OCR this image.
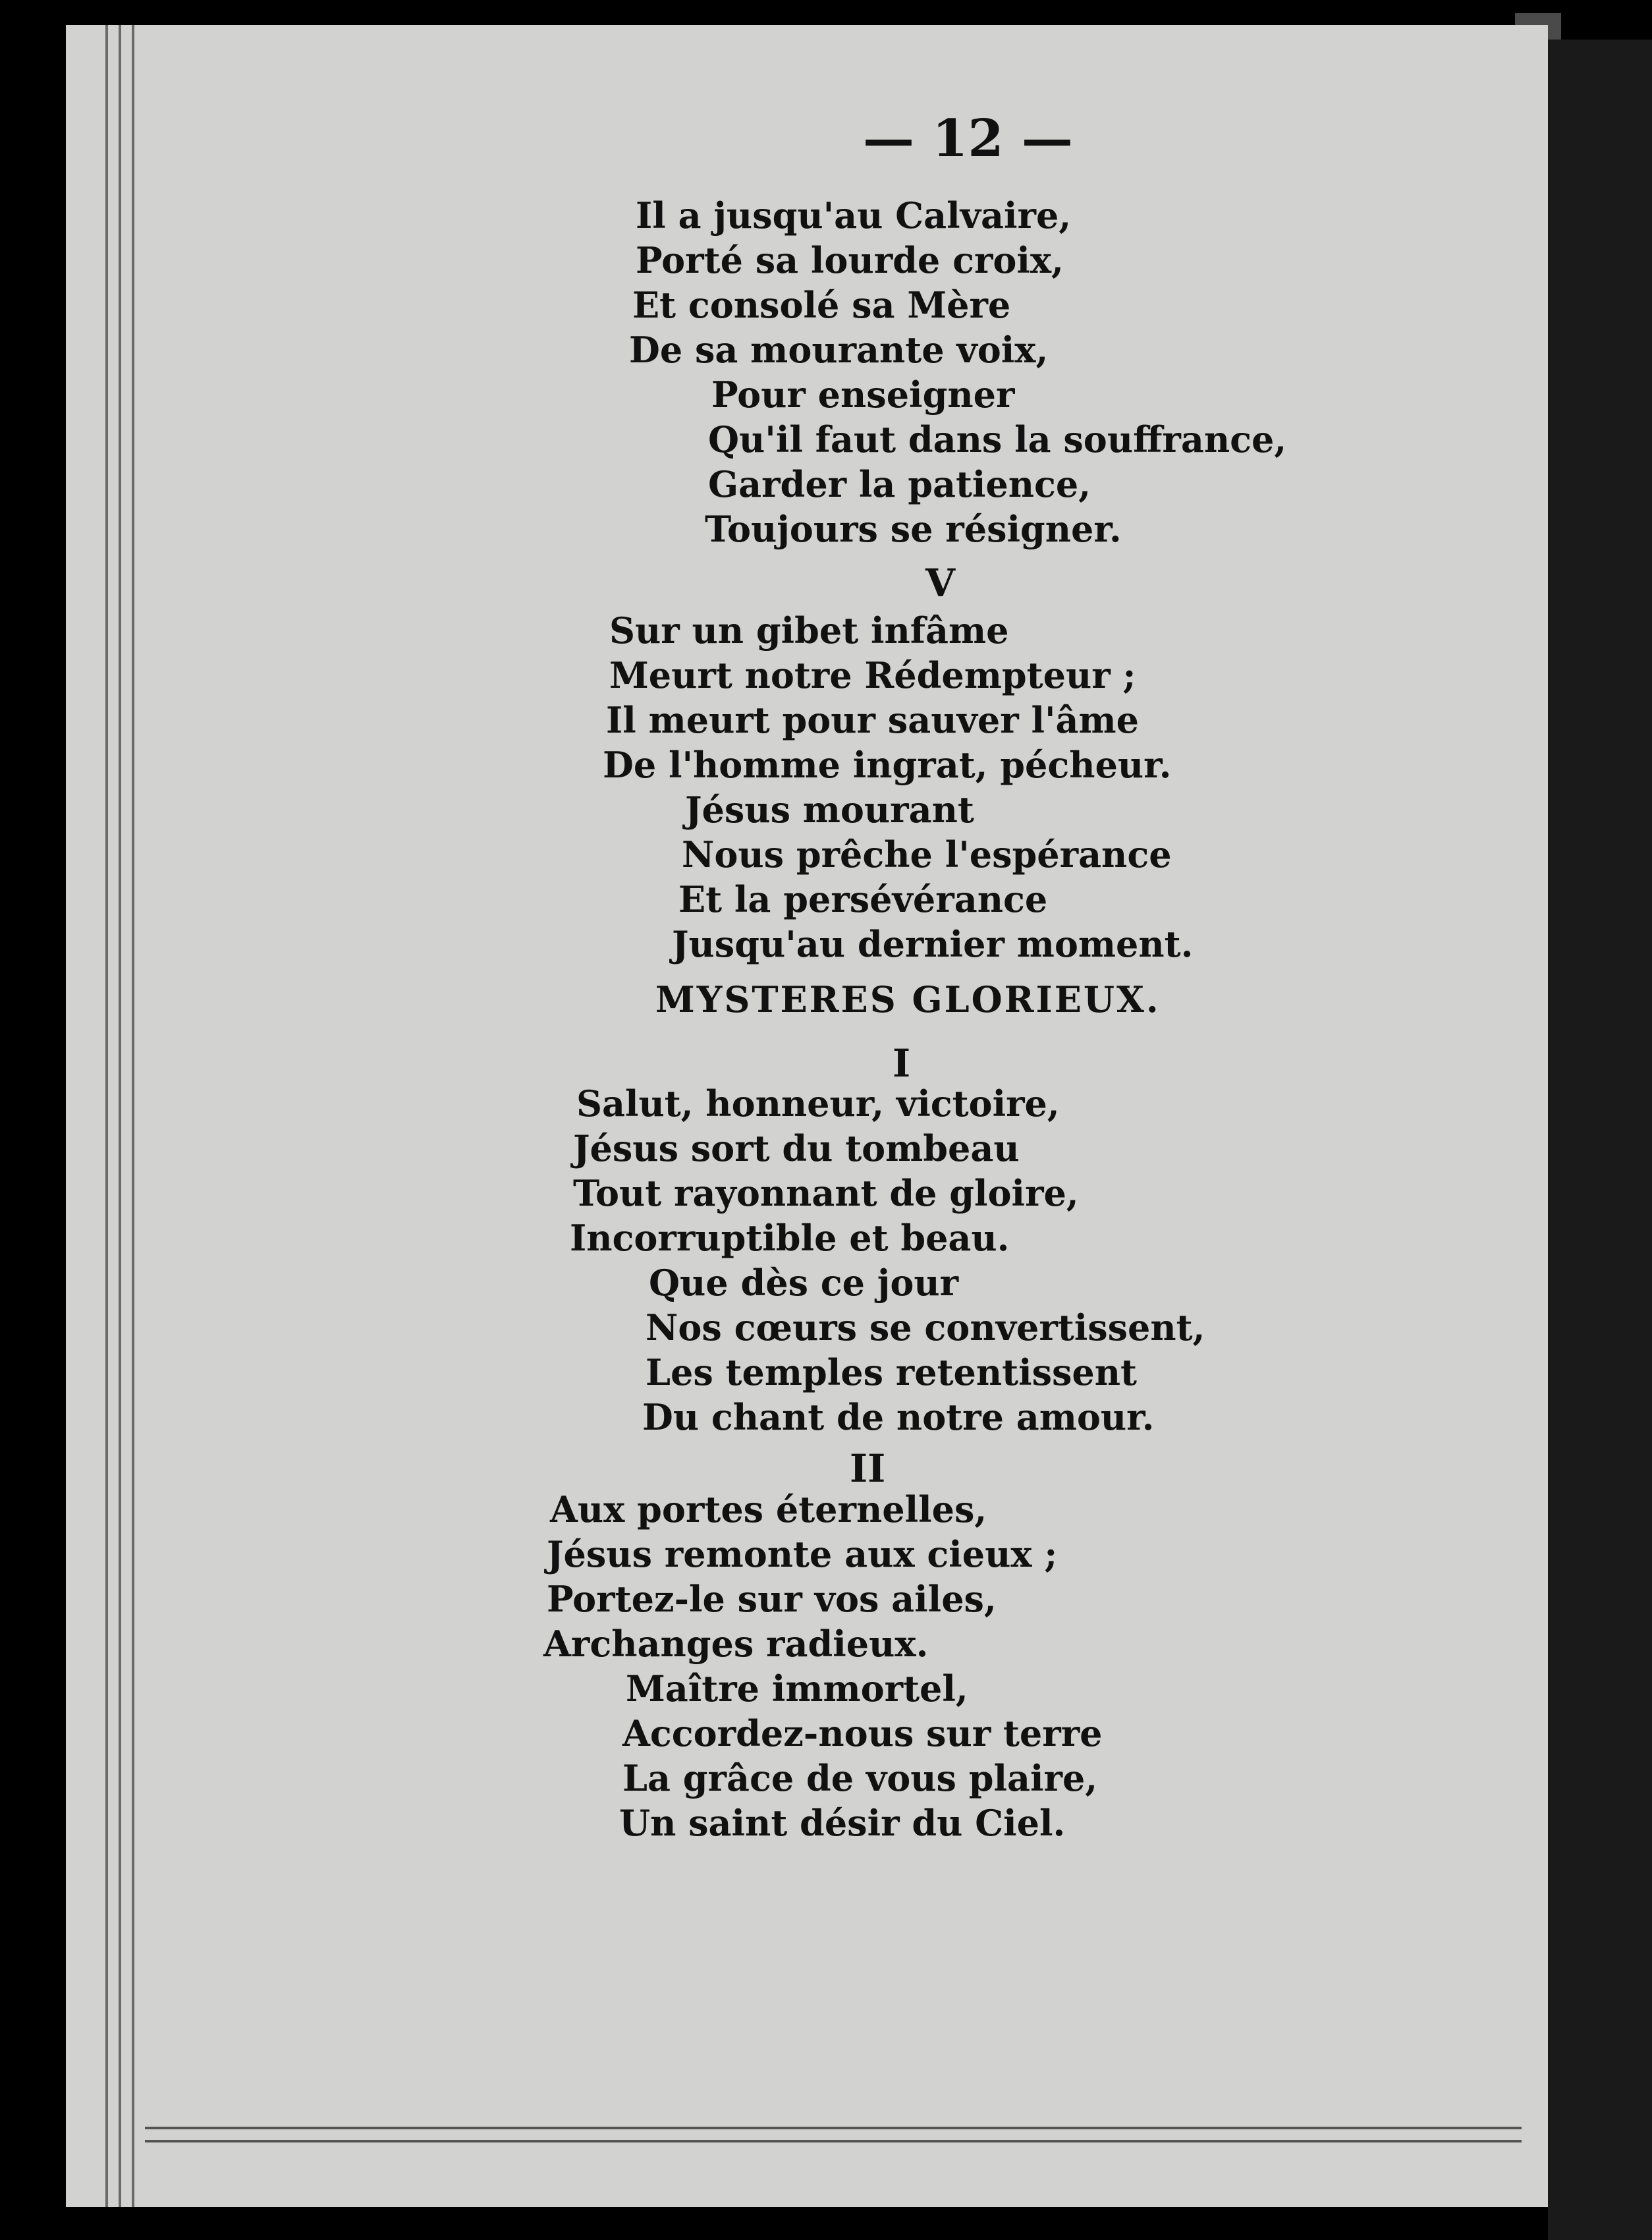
— 12 —
Il a jusqu'au Calvaire,
Porté sa lourde croix,
Et consolé sa Mère
De sa mourante voix,
Pour enseigner
Qu'il faut dans la souffrance,
Garder la patience,
Toujours se résigner.
V
Sur un gibet infâme
Meurt notre Rédempteur ;
Il meurt pour sauver l'âme
De l'homme ingrat, pécheur.
Jésus mourant
Nous prêche l'espérance
Et la persévérance
Jusqu'au dernier moment.
MYSTERES GLORIEUX.
I
Salut, honneur, victoire,
Jésus sort du tombeau
Tout rayonnant de gloire,
Incorruptible et beau.
Que dès ce jour
Nos cœurs se convertissent,
Les temples retentissent
Du chant de notre amour.
II
Aux portes éternelles,
Jésus remonte aux cieux ;
Portez-le sur vos ailes,
Archanges radieux.
Maître immortel,
Accordez-nous sur terre
La grâce de vous plaire,
Un saint désir du Ciel.
